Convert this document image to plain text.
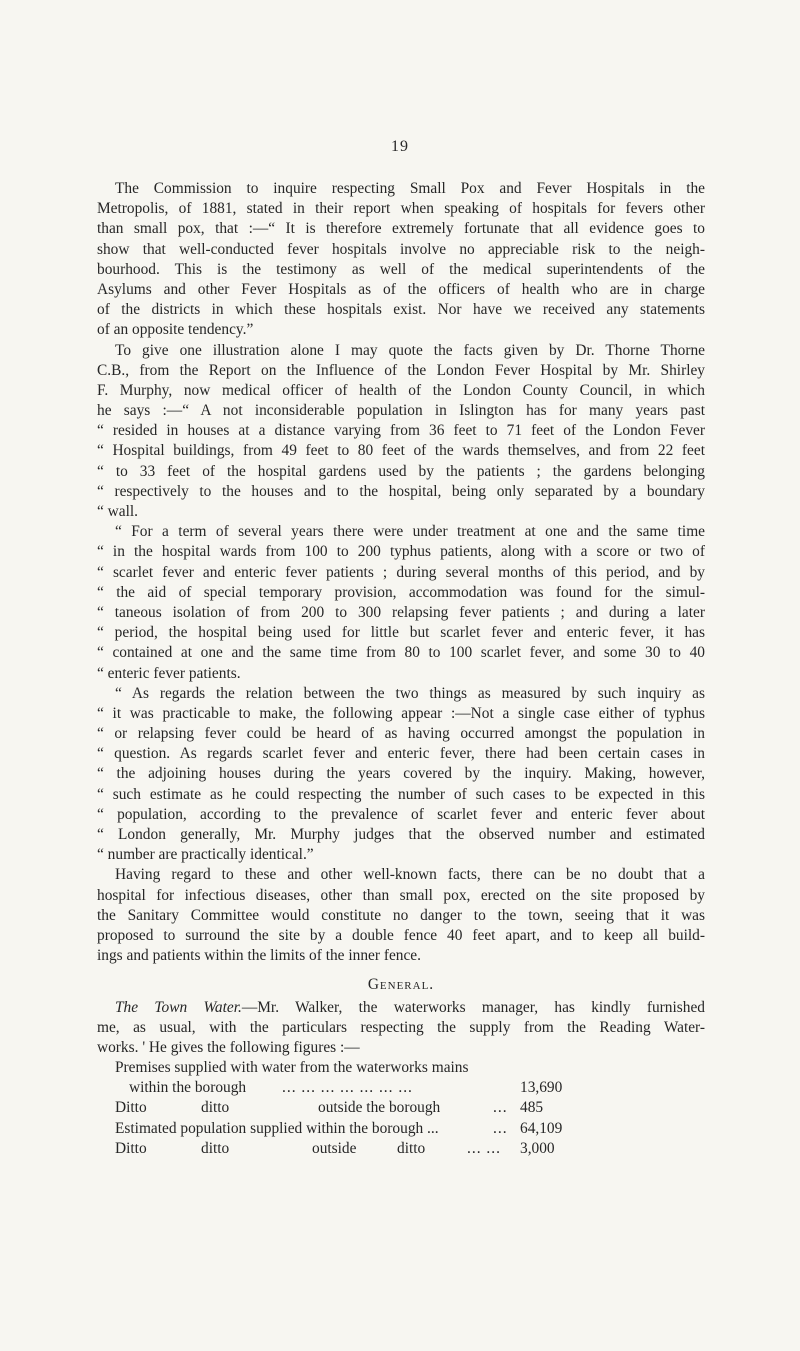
19
The Commission to inquire respecting Small Pox and Fever Hospitals in the
Metropolis, of 1881, stated in their report when speaking of hospitals for fevers other
than small pox, that :—“ It is therefore extremely fortunate that all evidence goes to
show that well-conducted fever hospitals involve no appreciable risk to the neigh-
bourhood. This is the testimony as well of the medical superintendents of the
Asylums and other Fever Hospitals as of the officers of health who are in charge
of the districts in which these hospitals exist. Nor have we received any statements
of an opposite tendency.”
To give one illustration alone I may quote the facts given by Dr. Thorne Thorne
C.B., from the Report on the Influence of the London Fever Hospital by Mr. Shirley
F. Murphy, now medical officer of health of the London County Council, in which
he says :—“ A not inconsiderable population in Islington has for many years past
“ resided in houses at a distance varying from 36 feet to 71 feet of the London Fever
“ Hospital buildings, from 49 feet to 80 feet of the wards themselves, and from 22 feet
“ to 33 feet of the hospital gardens used by the patients ; the gardens belonging
“ respectively to the houses and to the hospital, being only separated by a boundary
“ wall.
“ For a term of several years there were under treatment at one and the same time
“ in the hospital wards from 100 to 200 typhus patients, along with a score or two of
“ scarlet fever and enteric fever patients ; during several months of this period, and by
“ the aid of special temporary provision, accommodation was found for the simul-
“ taneous isolation of from 200 to 300 relapsing fever patients ; and during a later
“ period, the hospital being used for little but scarlet fever and enteric fever, it has
“ contained at one and the same time from 80 to 100 scarlet fever, and some 30 to 40
“ enteric fever patients.
“ As regards the relation between the two things as measured by such inquiry as
“ it was practicable to make, the following appear :—Not a single case either of typhus
“ or relapsing fever could be heard of as having occurred amongst the population in
“ question. As regards scarlet fever and enteric fever, there had been certain cases in
“ the adjoining houses during the years covered by the inquiry. Making, however,
“ such estimate as he could respecting the number of such cases to be expected in this
“ population, according to the prevalence of scarlet fever and enteric fever about
“ London generally, Mr. Murphy judges that the observed number and estimated
“ number are practically identical.”
Having regard to these and other well-known facts, there can be no doubt that a
hospital for infectious diseases, other than small pox, erected on the site proposed by
the Sanitary Committee would constitute no danger to the town, seeing that it was
proposed to surround the site by a double fence 40 feet apart, and to keep all build-
ings and patients within the limits of the inner fence.
General.
The Town Water.—Mr. Walker, the waterworks manager, has kindly furnished
me, as usual, with the particulars respecting the supply from the Reading Water-
works. ' He gives the following figures :—
Premises supplied with water from the waterworks mains
within the borough ... ... ... ... ... ... ...	13,690
Ditto	ditto	outside the borough	... 485
Estimated population supplied within the borough ...	... 64,109
Ditto	ditto	outside	ditto	... ... 3,000
